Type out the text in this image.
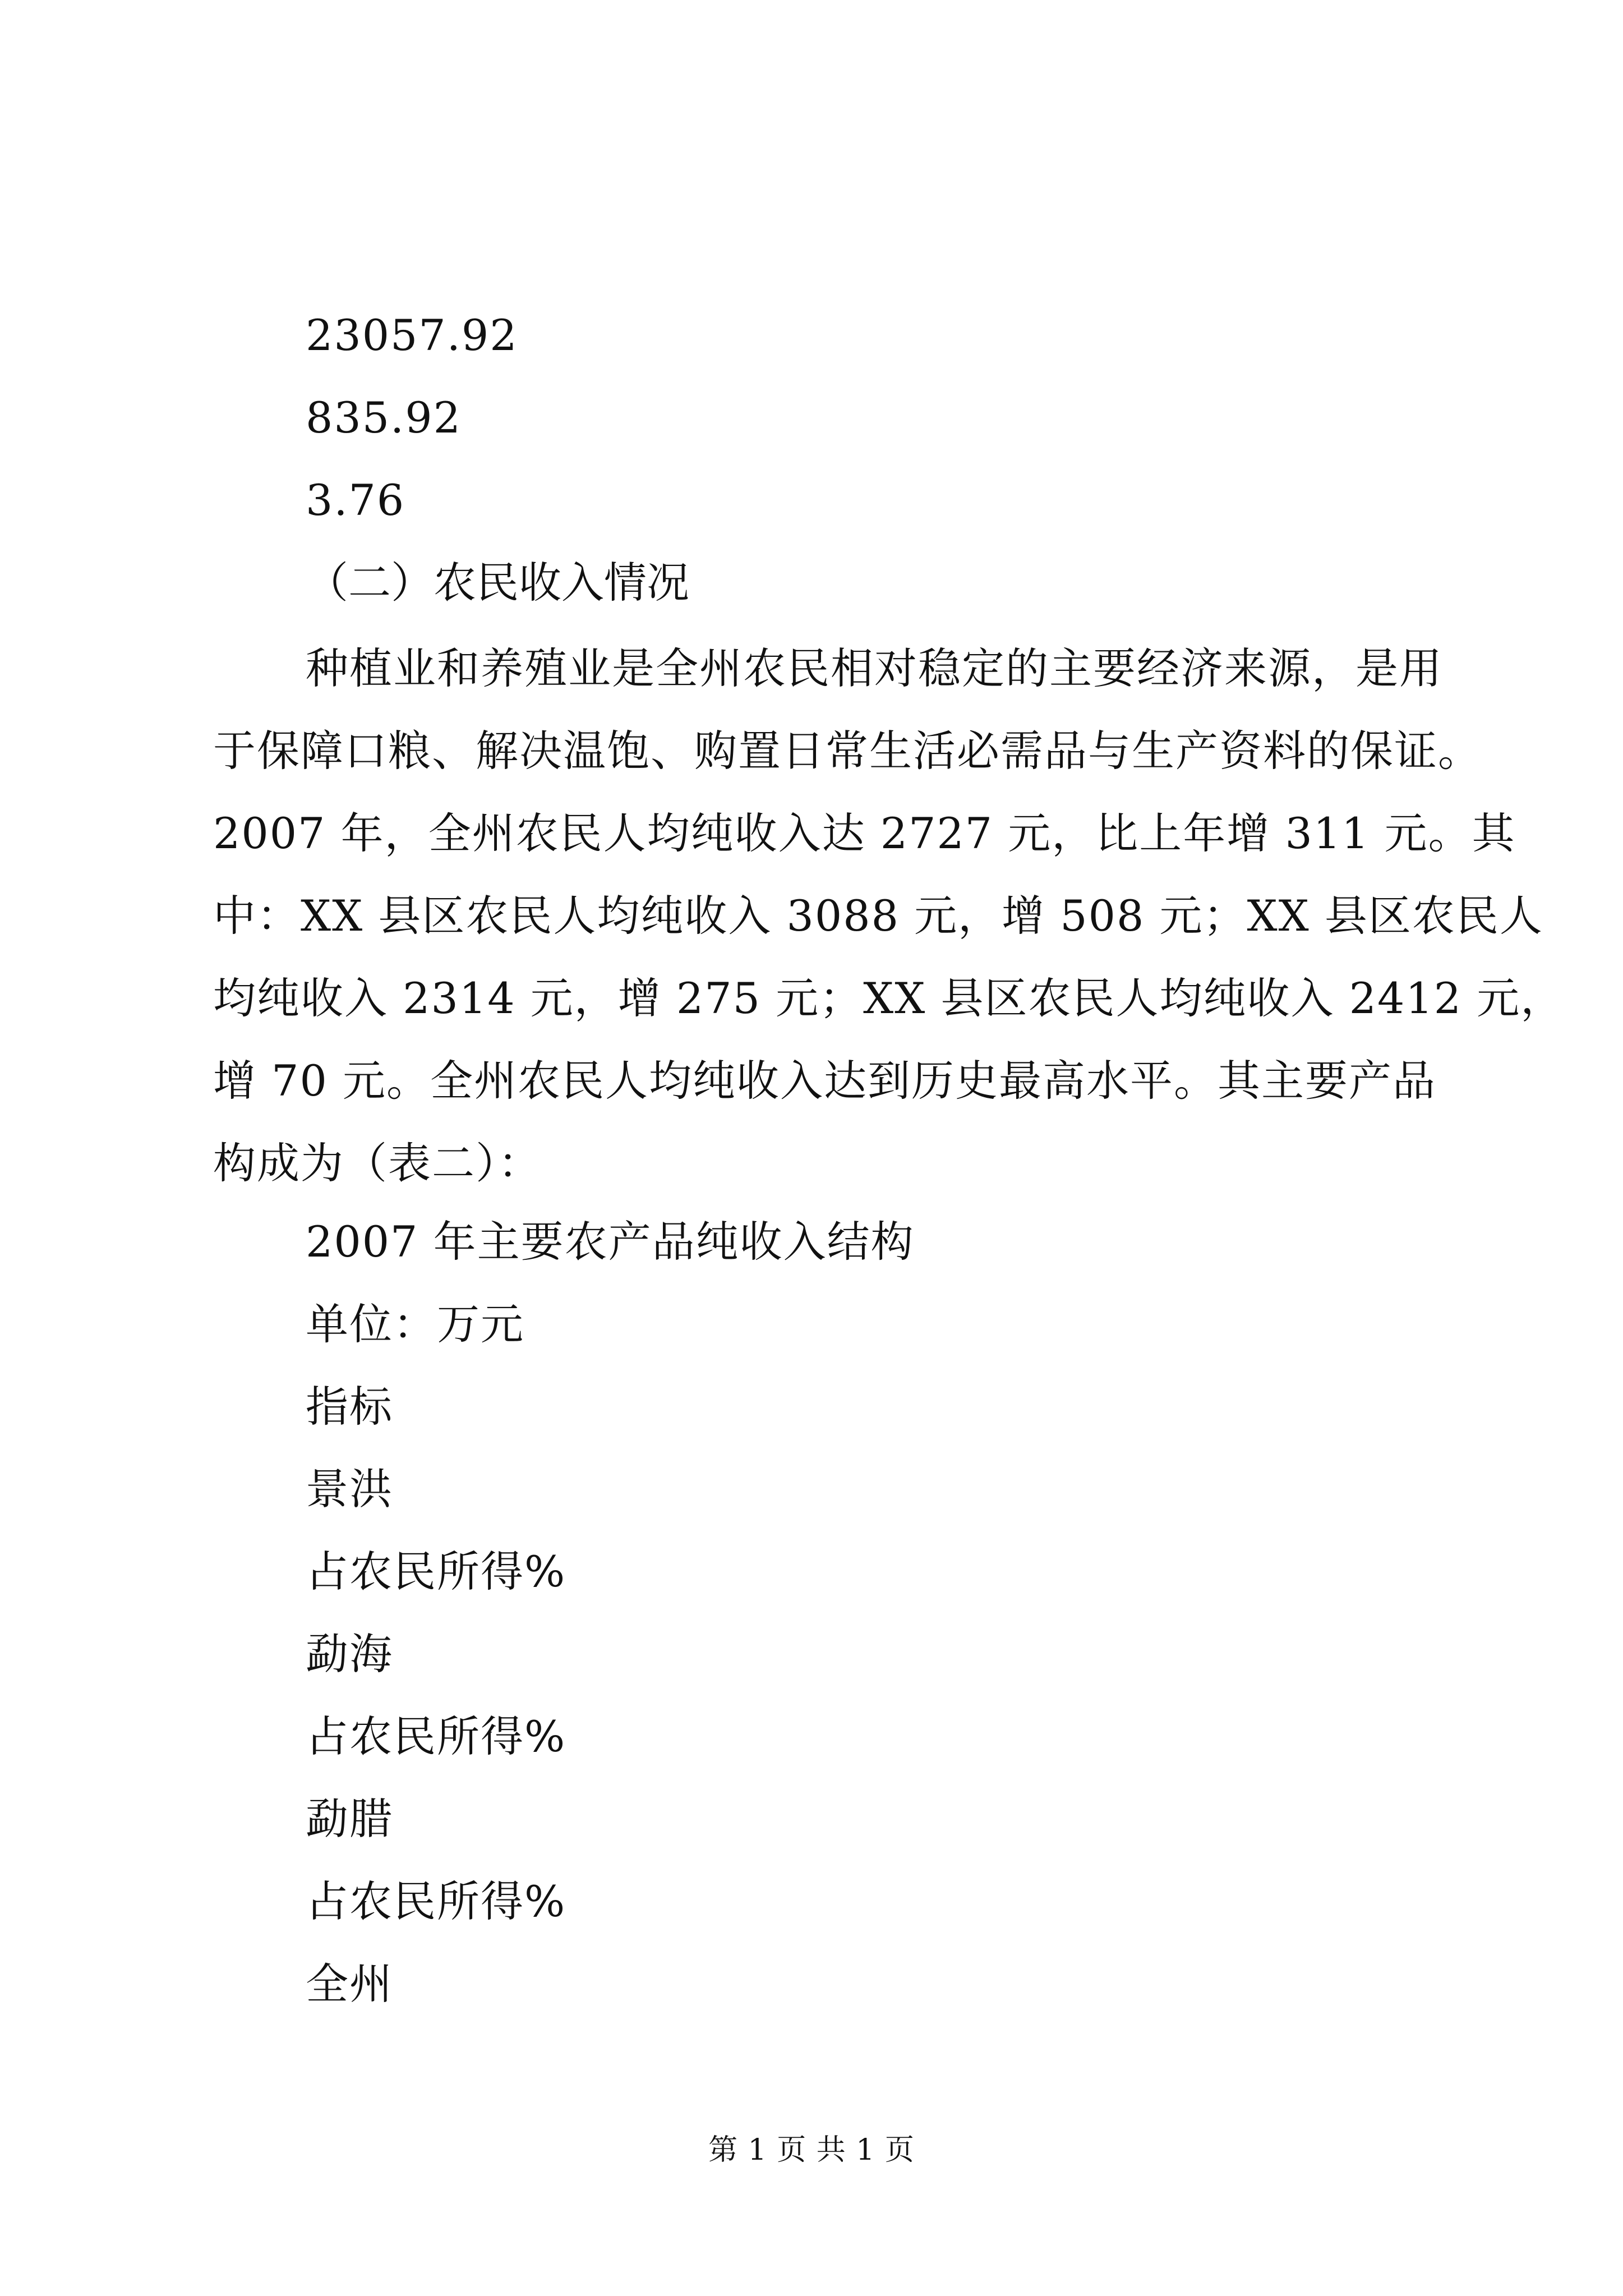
23057.92
835.92
3.76
（二）农民收入情况
种植业和养殖业是全州农民相对稳定的主要经济来源，是用
于保障口粮、解决温饱、购置日常生活必需品与生产资料的保证。
2007 年，全州农民人均纯收入达 2727 元，比上年增 311 元。其
中：XX 县区农民人均纯收入 3088 元，增 508 元；XX 县区农民人
均纯收入 2314 元，增 275 元；XX 县区农民人均纯收入 2412 元，
增 70 元。全州农民人均纯收入达到历史最高水平。其主要产品
构成为（表二）：
2007 年主要农产品纯收入结构
单位：万元
指标
景洪
占农民所得%
勐海
占农民所得%
勐腊
占农民所得%
全州
第 1 页 共 1 页
